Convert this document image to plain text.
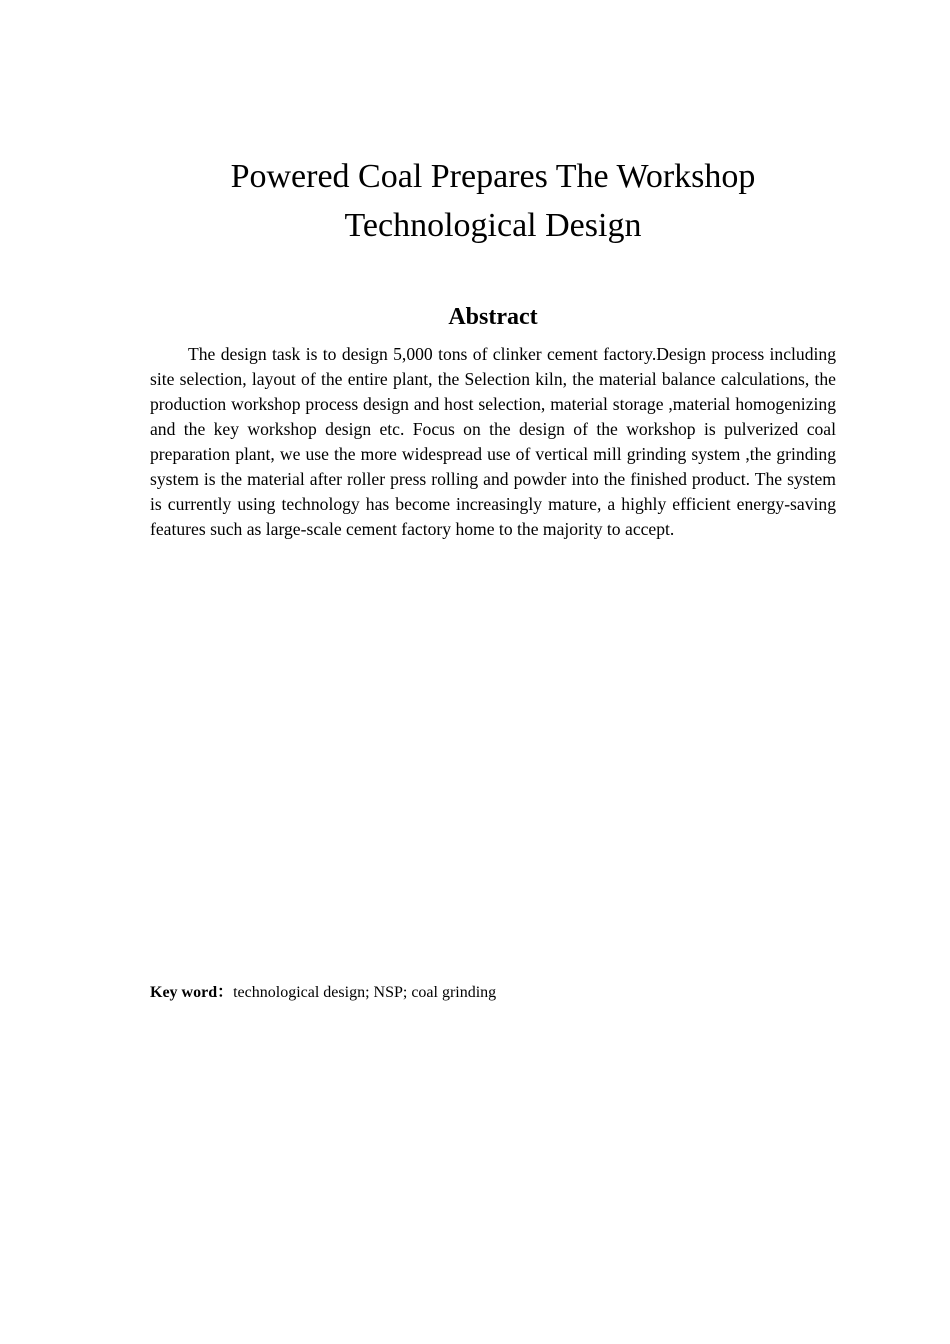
Powered Coal Prepares The Workshop
Technological Design
Abstract

The design task is to design 5,000 tons of clinker cement factory.Design process including site selection, layout of the entire plant, the Selection kiln, the material balance calculations, the production workshop process design and host selection, material storage ,material homogenizing and the key workshop design etc. Focus on the design of the workshop is pulverized coal preparation plant, we use the more widespread use of vertical mill grinding system ,the grinding system is the material after roller press rolling and powder into the finished product. The system is currently using technology has become increasingly mature, a highly efficient energy-saving features such as large-scale cement factory home to the majority to accept.

Key word：technological design; NSP; coal grinding
